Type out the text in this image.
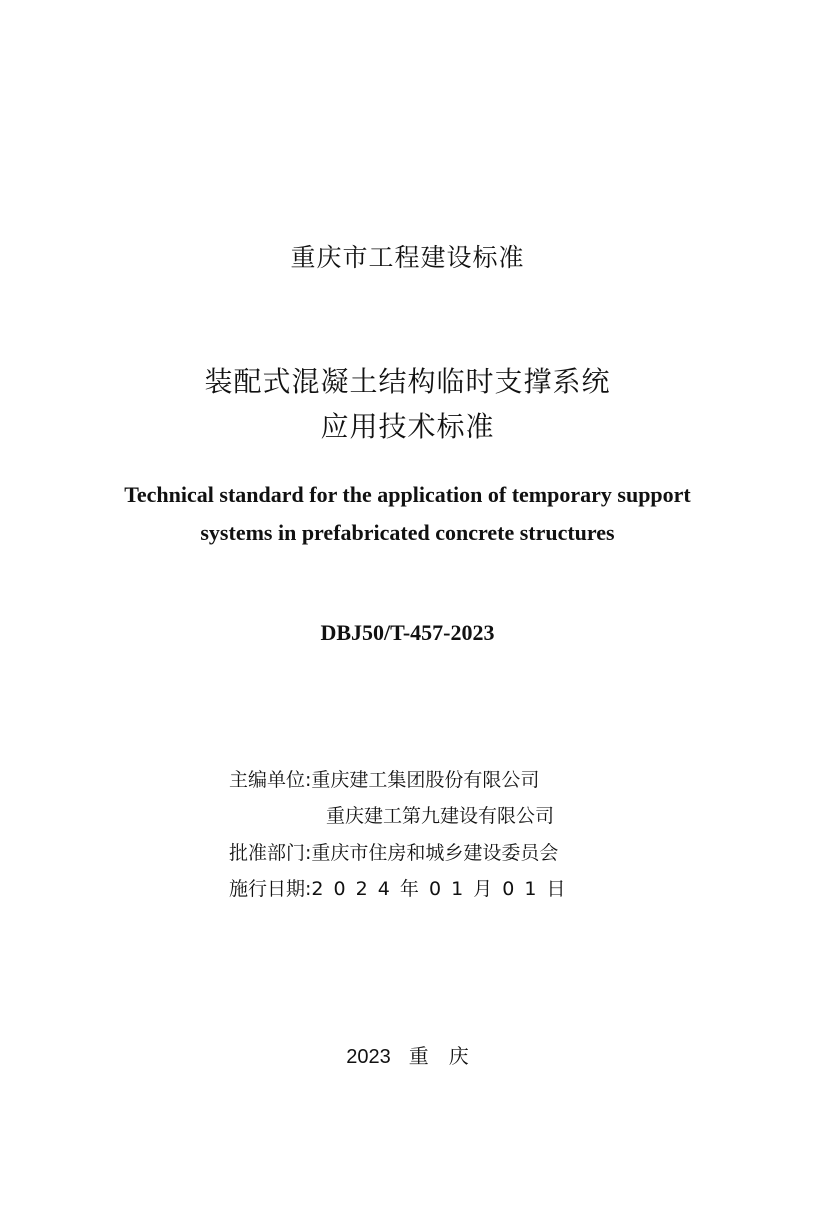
重庆市工程建设标准
装配式混凝土结构临时支撑系统
应用技术标准
Technical standard for the application of temporary support
systems in prefabricated concrete structures
DBJ50/T-457-2023
主编单位:重庆建工集团股份有限公司
重庆建工第九建设有限公司
批准部门:重庆市住房和城乡建设委员会
施行日期:2 0 2 4 年 0 1 月 0 1 日
2023 重　庆
